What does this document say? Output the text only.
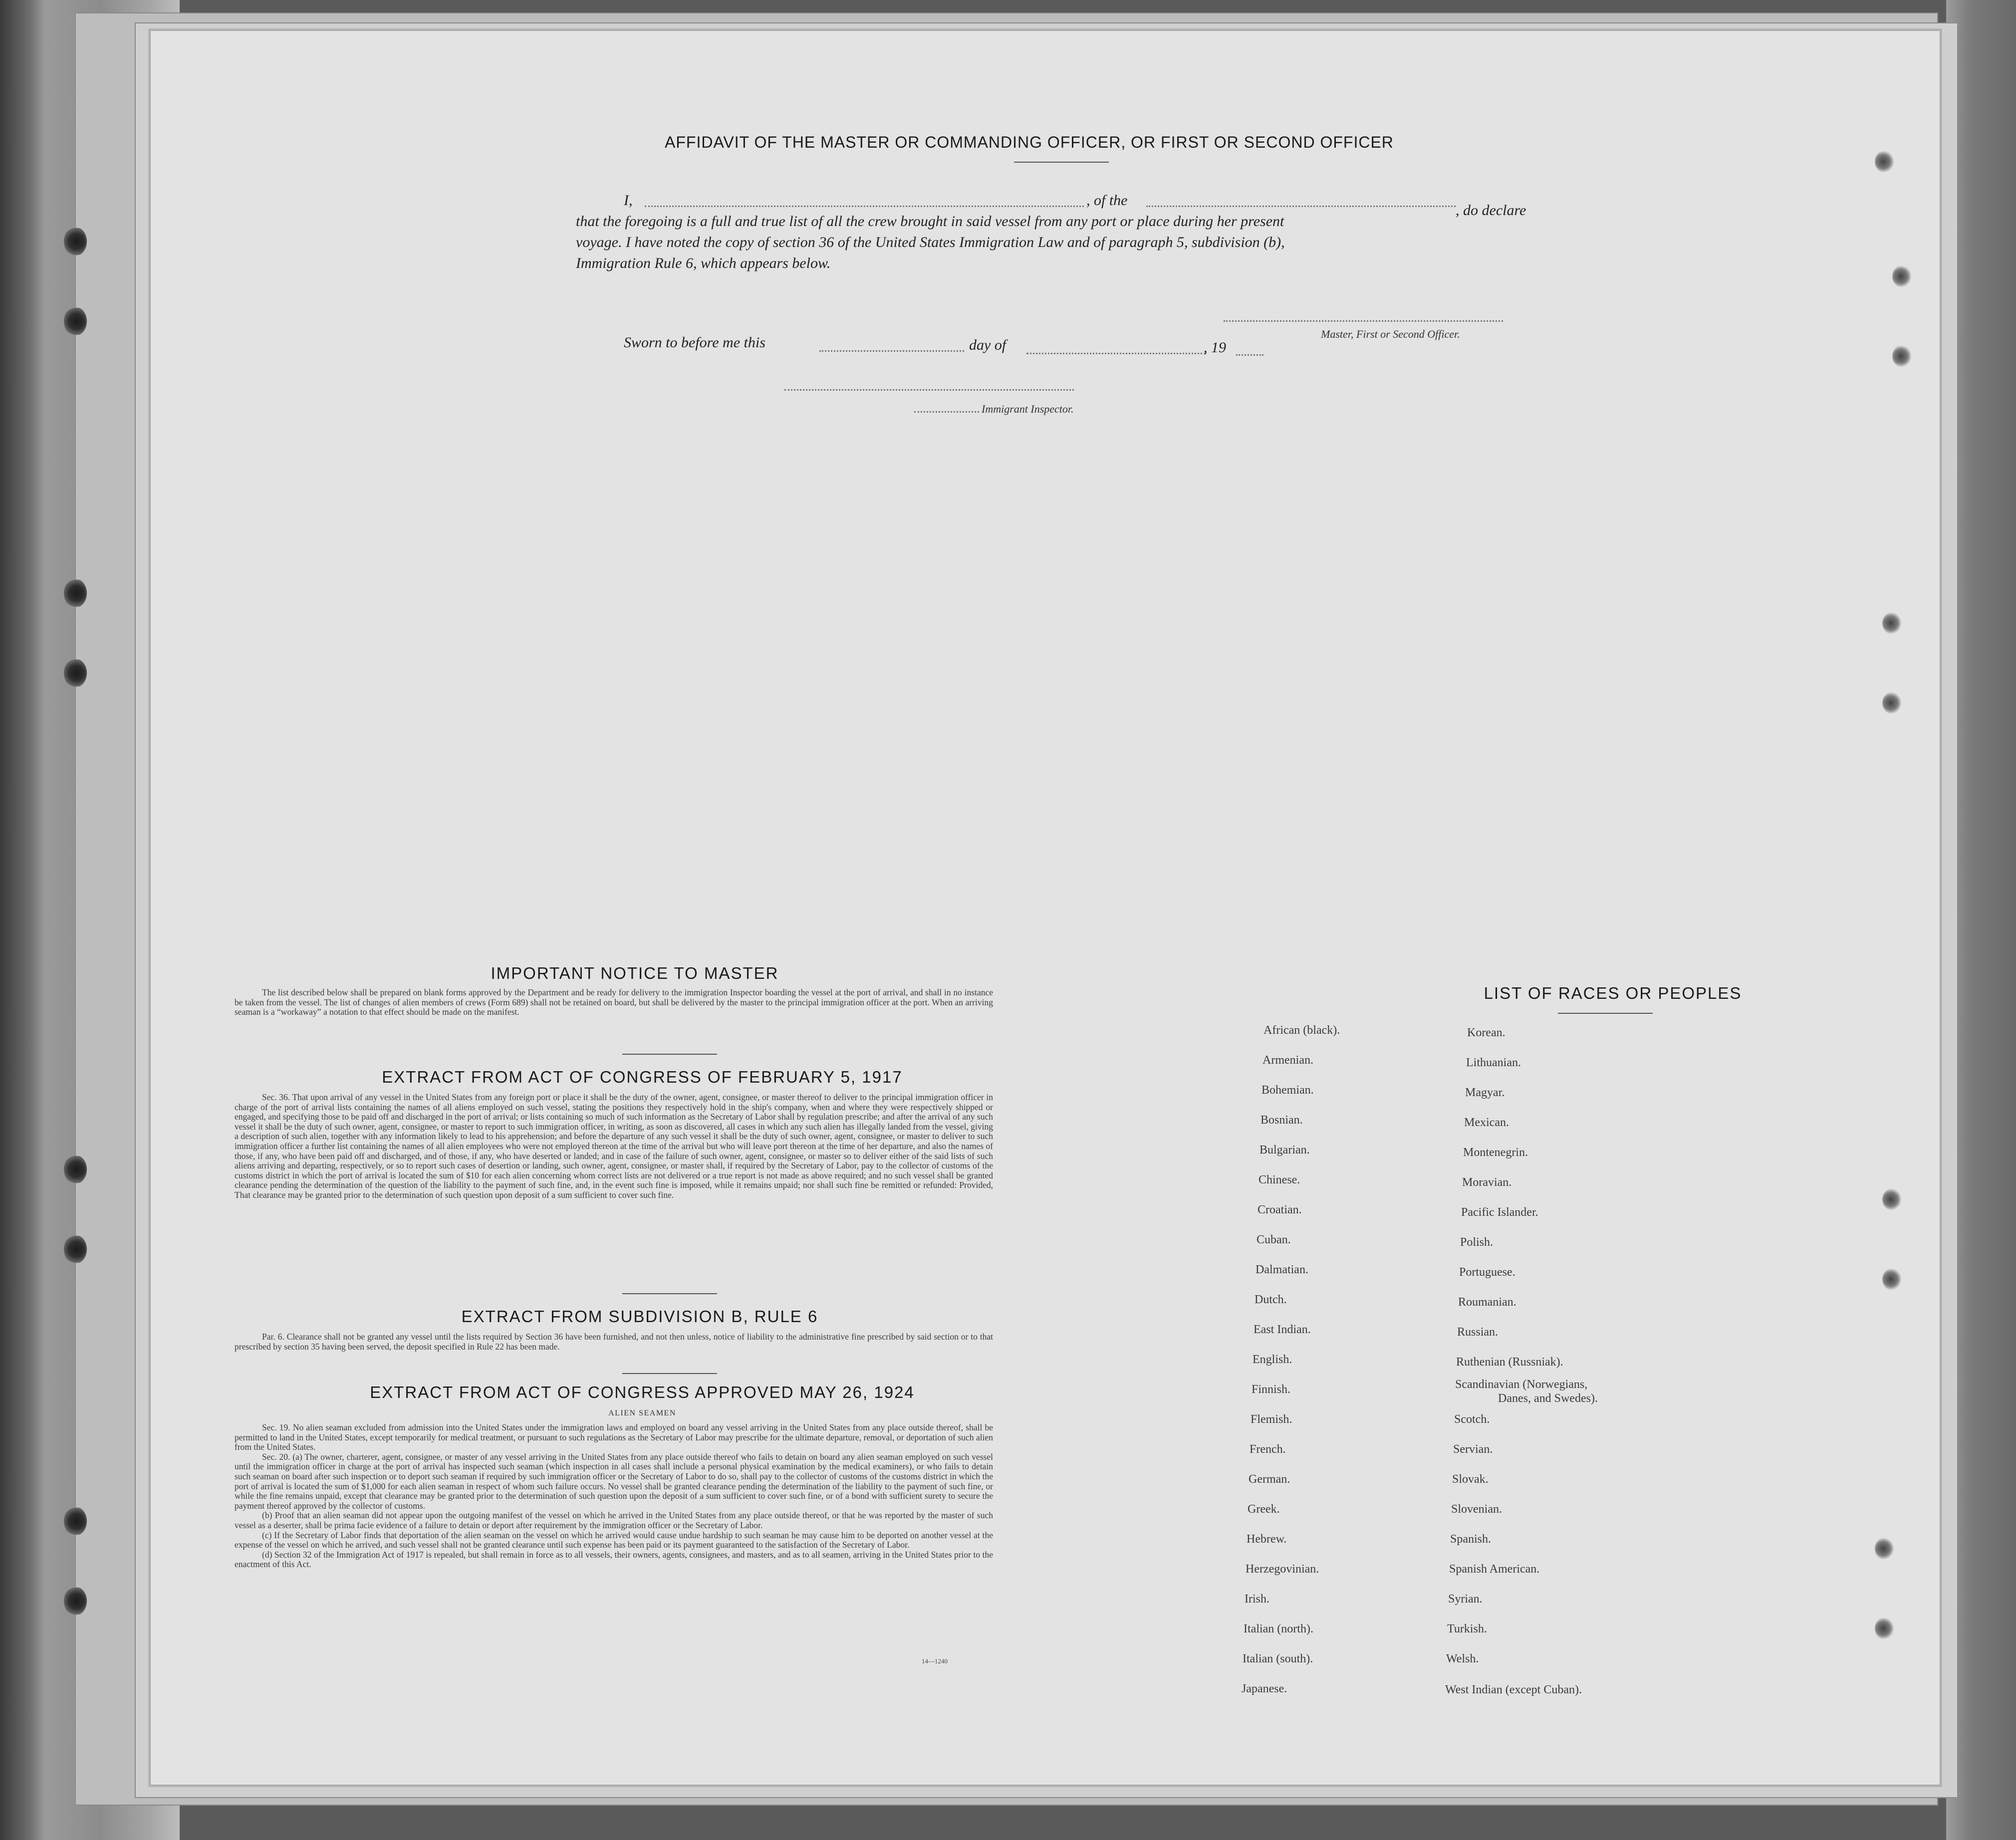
AFFIDAVIT OF THE MASTER OR COMMANDING OFFICER, OR FIRST OR SECOND OFFICER
I,	, of the
, do declare
that the foregoing is a full and true list of all the crew brought in said vessel from any port or place during her present
voyage. I have noted the copy of section 36 of the United States Immigration Law and of paragraph 5, subdivision (b),
Immigration Rule 6, which appears below.
Master, First or Second Officer.
Sworn to before me this	day of	, 19
Immigrant Inspector.
IMPORTANT NOTICE TO MASTER

The list described below shall be prepared on blank forms approved by the Department and be ready for delivery to the immigration Inspector boarding the vessel at the port of arrival, and shall in no instance be taken from the vessel. The list of changes of alien members of crews (Form 689) shall not be retained on board, but shall be delivered by the master to the principal immigration officer at the port. When an arriving seaman is a “workaway” a notation to that effect should be made on the manifest.

EXTRACT FROM ACT OF CONGRESS OF FEBRUARY 5, 1917

Sec. 36. That upon arrival of any vessel in the United States from any foreign port or place it shall be the duty of the owner, agent, consignee, or master thereof to deliver to the principal immigration officer in charge of the port of arrival lists containing the names of all aliens employed on such vessel, stating the positions they respectively hold in the ship's company, when and where they were respectively shipped or engaged, and specifying those to be paid off and discharged in the port of arrival; or lists containing so much of such information as the Secretary of Labor shall by regulation prescribe; and after the arrival of any such vessel it shall be the duty of such owner, agent, consignee, or master to report to such immigration officer, in writing, as soon as discovered, all cases in which any such alien has illegally landed from the vessel, giving a description of such alien, together with any information likely to lead to his apprehension; and before the departure of any such vessel it shall be the duty of such owner, agent, consignee, or master to deliver to such immigration officer a further list containing the names of all alien employees who were not employed thereon at the time of the arrival but who will leave port thereon at the time of her departure, and also the names of those, if any, who have been paid off and discharged, and of those, if any, who have deserted or landed; and in case of the failure of such owner, agent, consignee, or master so to deliver either of the said lists of such aliens arriving and departing, respectively, or so to report such cases of desertion or landing, such owner, agent, consignee, or master shall, if required by the Secretary of Labor, pay to the collector of customs of the customs district in which the port of arrival is located the sum of $10 for each alien concerning whom correct lists are not delivered or a true report is not made as above required; and no such vessel shall be granted clearance pending the determination of the question of the liability to the payment of such fine, and, in the event such fine is imposed, while it remains unpaid; nor shall such fine be remitted or refunded: Provided, That clearance may be granted prior to the determination of such question upon deposit of a sum sufficient to cover such fine.

EXTRACT FROM SUBDIVISION B, RULE 6

Par. 6. Clearance shall not be granted any vessel until the lists required by Section 36 have been furnished, and not then unless, notice of liability to the administrative fine prescribed by said section or to that prescribed by section 35 having been served, the deposit specified in Rule 22 has been made.

EXTRACT FROM ACT OF CONGRESS APPROVED MAY 26, 1924
ALIEN SEAMEN

Sec. 19. No alien seaman excluded from admission into the United States under the immigration laws and employed on board any vessel arriving in the United States from any place outside thereof, shall be permitted to land in the United States, except temporarily for medical treatment, or pursuant to such regulations as the Secretary of Labor may prescribe for the ultimate departure, removal, or deportation of such alien from the United States.

Sec. 20. (a) The owner, charterer, agent, consignee, or master of any vessel arriving in the United States from any place outside thereof who fails to detain on board any alien seaman employed on such vessel until the immigration officer in charge at the port of arrival has inspected such seaman (which inspection in all cases shall include a personal physical examination by the medical examiners), or who fails to detain such seaman on board after such inspection or to deport such seaman if required by such immigration officer or the Secretary of Labor to do so, shall pay to the collector of customs of the customs district in which the port of arrival is located the sum of $1,000 for each alien seaman in respect of whom such failure occurs. No vessel shall be granted clearance pending the determination of the liability to the payment of such fine, or while the fine remains unpaid, except that clearance may be granted prior to the determination of such question upon the deposit of a sum sufficient to cover such fine, or of a bond with sufficient surety to secure the payment thereof approved by the collector of customs.

(b) Proof that an alien seaman did not appear upon the outgoing manifest of the vessel on which he arrived in the United States from any place outside thereof, or that he was reported by the master of such vessel as a deserter, shall be prima facie evidence of a failure to detain or deport after requirement by the immigration officer or the Secretary of Labor.

(c) If the Secretary of Labor finds that deportation of the alien seaman on the vessel on which he arrived would cause undue hardship to such seaman he may cause him to be deported on another vessel at the expense of the vessel on which he arrived, and such vessel shall not be granted clearance until such expense has been paid or its payment guaranteed to the satisfaction of the Secretary of Labor.

(d) Section 32 of the Immigration Act of 1917 is repealed, but shall remain in force as to all vessels, their owners, agents, consignees, and masters, and as to all seamen, arriving in the United States prior to the enactment of this Act.

14—1240
LIST OF RACES OR PEOPLES
African (black).
Armenian.
Bohemian.
Bosnian.
Bulgarian.
Chinese.
Croatian.
Cuban.
Dalmatian.
Dutch.
East Indian.
English.
Finnish.
Flemish.
French.
German.
Greek.
Hebrew.
Herzegovinian.
Irish.
Italian (north).
Italian (south).
Japanese.
Korean.
Lithuanian.
Magyar.
Mexican.
Montenegrin.
Moravian.
Pacific Islander.
Polish.
Portuguese.
Roumanian.
Russian.
Ruthenian (Russniak).
Scandinavian (Norwegians,
Danes, and Swedes).
Scotch.
Servian.
Slovak.
Slovenian.
Spanish.
Spanish American.
Syrian.
Turkish.
Welsh.
West Indian (except Cuban).
